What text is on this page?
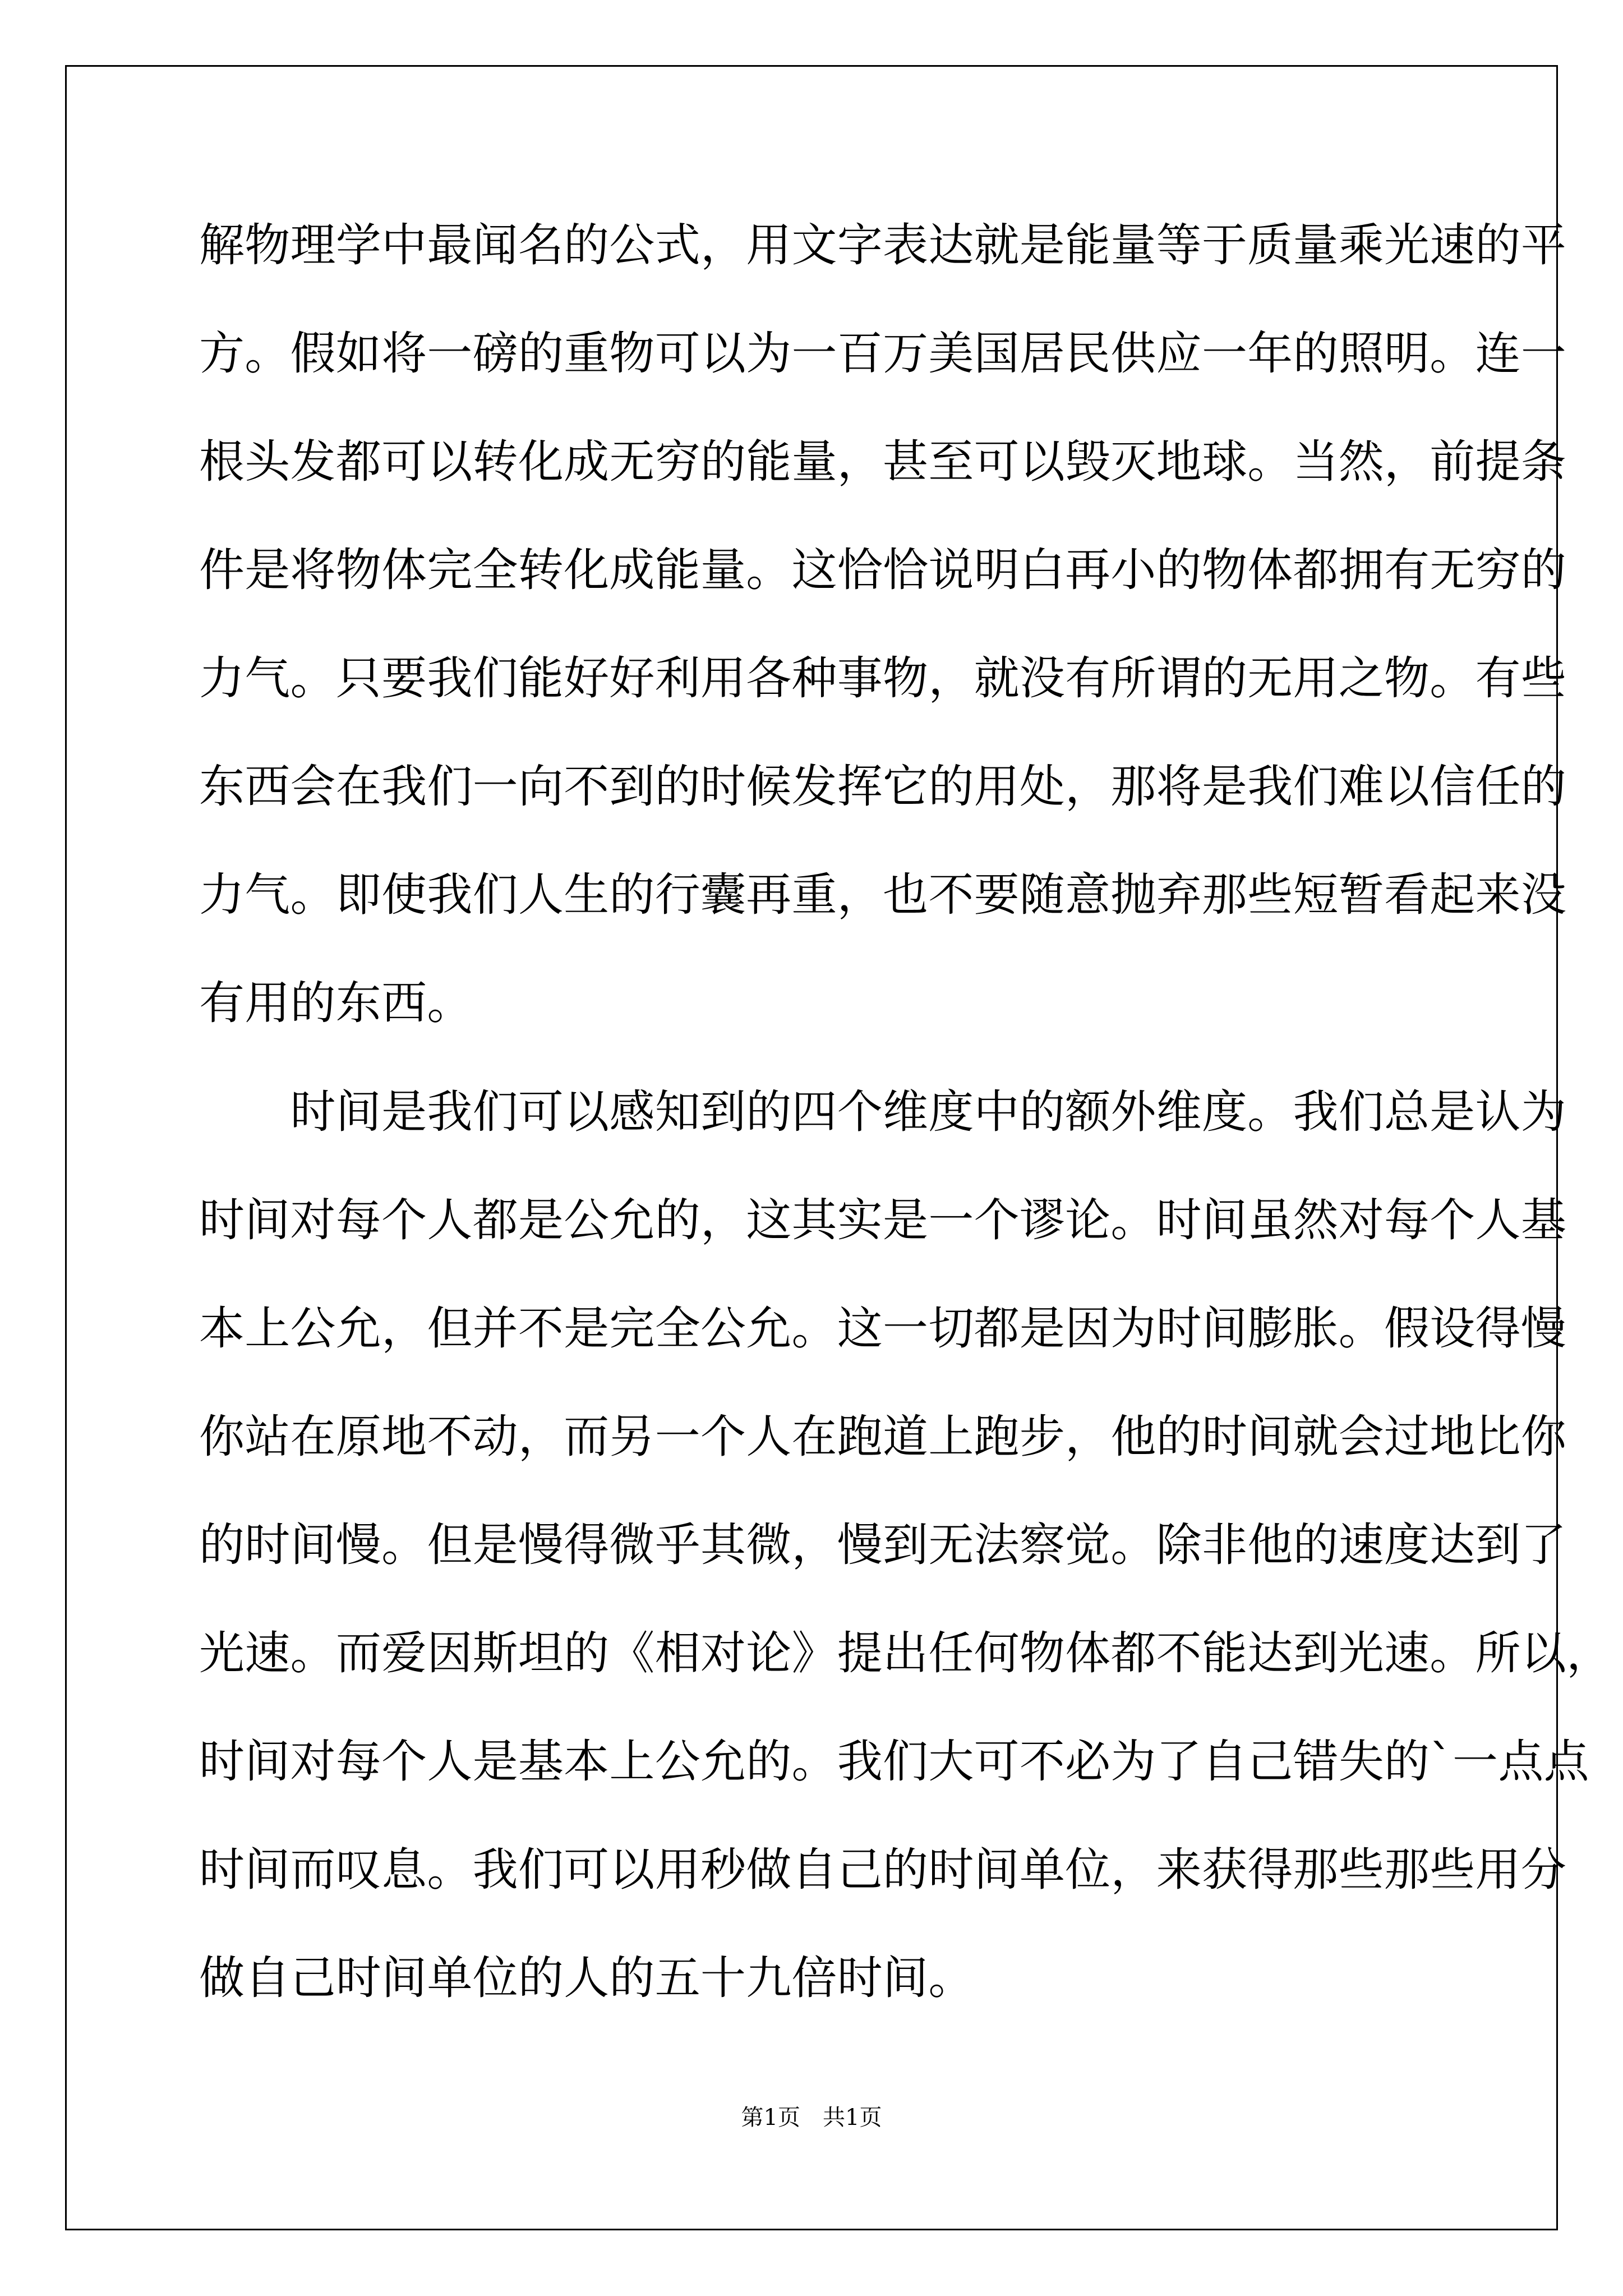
解物理学中最闻名的公式，用文字表达就是能量等于质量乘光速的平
方。假如将一磅的重物可以为一百万美国居民供应一年的照明。连一
根头发都可以转化成无穷的能量，甚至可以毁灭地球。当然，前提条
件是将物体完全转化成能量。这恰恰说明白再小的物体都拥有无穷的
力气。只要我们能好好利用各种事物，就没有所谓的无用之物。有些
东西会在我们一向不到的时候发挥它的用处，那将是我们难以信任的
力气。即使我们人生的行囊再重，也不要随意抛弃那些短暂看起来没
有用的东西。
　　时间是我们可以感知到的四个维度中的额外维度。我们总是认为
时间对每个人都是公允的，这其实是一个谬论。时间虽然对每个人基
本上公允，但并不是完全公允。这一切都是因为时间膨胀。假设得慢
你站在原地不动，而另一个人在跑道上跑步，他的时间就会过地比你
的时间慢。但是慢得微乎其微，慢到无法察觉。除非他的速度达到了
光速。而爱因斯坦的《相对论》提出任何物体都不能达到光速。所以，
时间对每个人是基本上公允的。我们大可不必为了自己错失的`一点点
时间而叹息。我们可以用秒做自己的时间单位，来获得那些那些用分
做自己时间单位的人的五十九倍时间。
第1页　共1页
